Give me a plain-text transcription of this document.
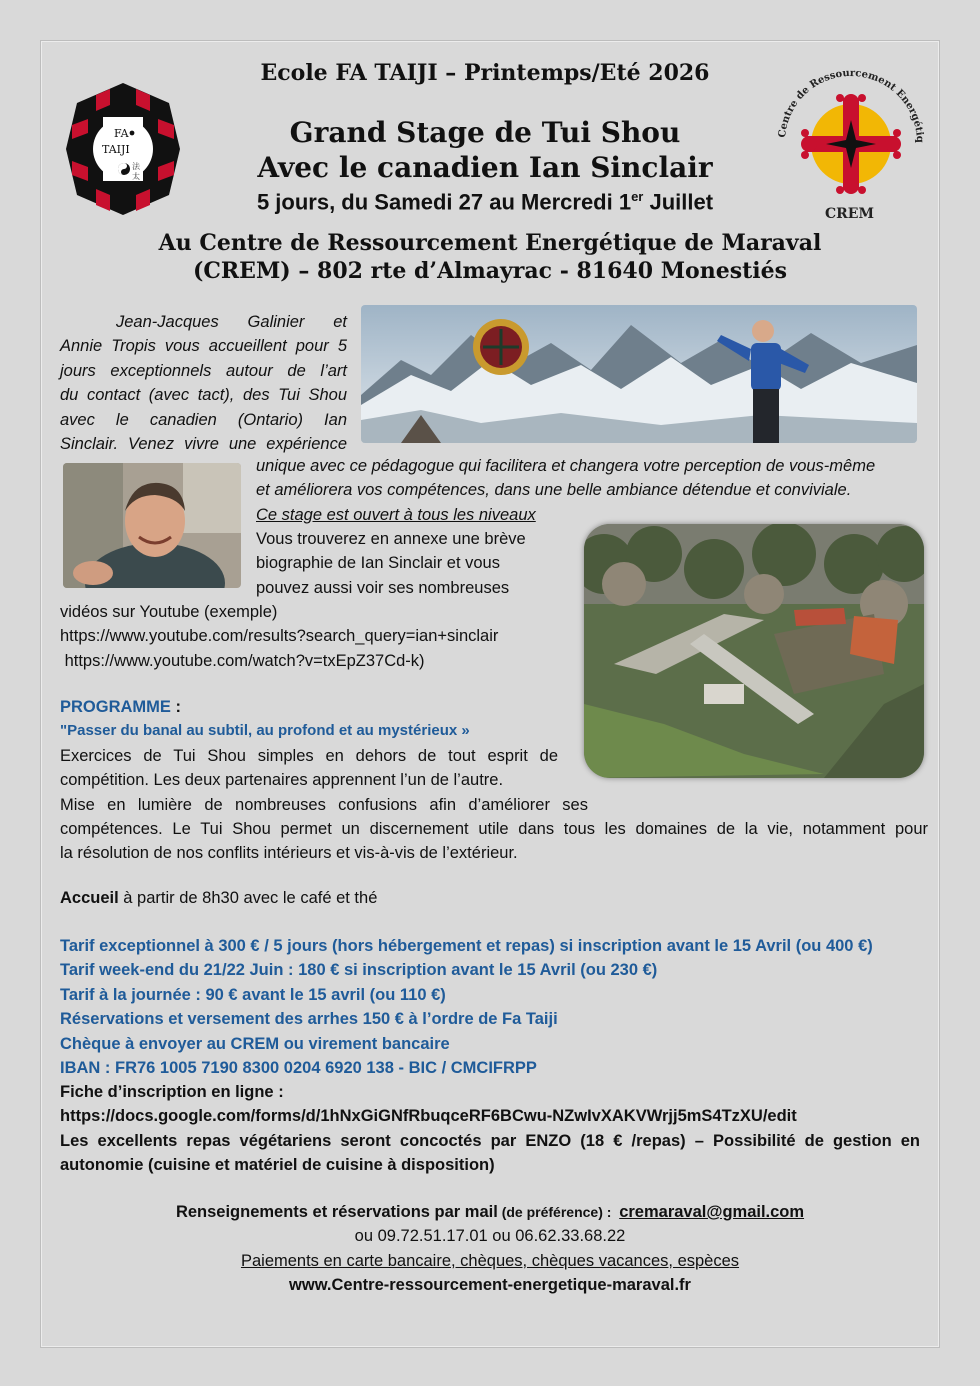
FA
TAIJI
法
太
Centre de Ressourcement Energétiq
CREM
Ecole FA TAIJI – Printemps/Eté 2026
Grand Stage de Tui Shou
Avec le canadien Ian Sinclair
5 jours, du Samedi 27 au Mercredi 1er Juillet
Au Centre de Ressourcement Energétique de Maraval
(CREM) – 802 rte d’Almayrac - 81640 Monestiés
Jean-Jacques Galinier et
Annie Tropis vous accueillent pour 5
jours exceptionnels autour de l’art
du contact (avec tact), des Tui Shou
avec le canadien (Ontario) Ian
Sinclair. Venez vivre une expérience
unique avec ce pédagogue qui facilitera et changera votre perception de vous-même
et améliorera vos compétences, dans une belle ambiance détendue et conviviale.
Ce stage est ouvert à tous les niveaux
Vous trouverez en annexe une brève
biographie de Ian Sinclair et vous
pouvez aussi voir ses nombreuses
vidéos sur Youtube (exemple)
https://www.youtube.com/results?search_query=ian+sinclair
https://www.youtube.com/watch?v=txEpZ37Cd-k)
PROGRAMME :
"Passer du banal au subtil, au profond et au mystérieux »
Exercices de Tui Shou simples en dehors de tout esprit de
compétition. Les deux partenaires apprennent l’un de l’autre.
Mise en lumière de nombreuses confusions afin d’améliorer ses
compétences. Le Tui Shou permet un discernement utile dans tous les domaines de la vie, notamment pour
la résolution de nos conflits intérieurs et vis-à-vis de l’extérieur.
Accueil à partir de 8h30 avec le café et thé
Tarif exceptionnel à 300 € / 5 jours (hors hébergement et repas) si inscription avant le 15 Avril (ou 400 €)
Tarif week-end du 21/22 Juin : 180 € si inscription avant le 15 Avril (ou 230 €)
Tarif à la journée : 90 € avant le 15 avril (ou 110 €)
Réservations et versement des arrhes 150 € à l’ordre de Fa Taiji
Chèque à envoyer au CREM ou virement bancaire
IBAN : FR76 1005 7190 8300 0204 6920 138 - BIC / CMCIFRPP
Fiche d’inscription en ligne :
https://docs.google.com/forms/d/1hNxGiGNfRbuqceRF6BCwu-NZwIvXAKVWrjj5mS4TzXU/edit
Les excellents repas végétariens seront concoctés par ENZO (18 € /repas) – Possibilité de gestion en
autonomie (cuisine et matériel de cuisine à disposition)
Renseignements et réservations par mail (de préférence) :  cremaraval@gmail.com
ou 09.72.51.17.01 ou 06.62.33.68.22
Paiements en carte bancaire, chèques, chèques vacances, espèces
www.Centre-ressourcement-energetique-maraval.fr
